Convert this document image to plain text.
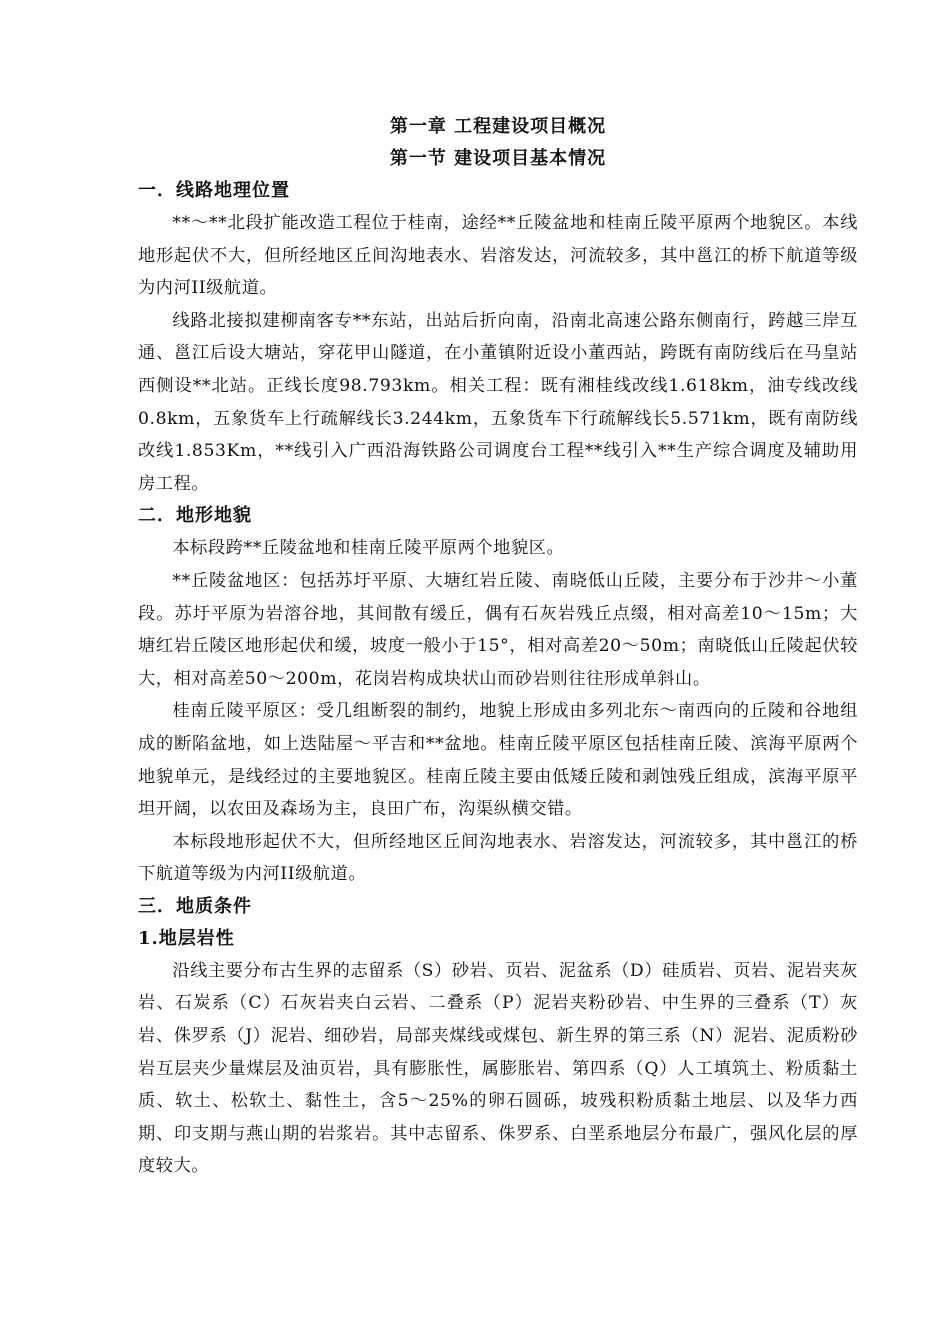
第一章 工程建设项目概况
第一节 建设项目基本情况
一．线路地理位置

**～**北段扩能改造工程位于桂南，途经**丘陵盆地和桂南丘陵平原两个地貌区。本线地形起伏不大，但所经地区丘间沟地表水、岩溶发达，河流较多，其中邕江的桥下航道等级为内河II级航道。

线路北接拟建柳南客专**东站，出站后折向南，沿南北高速公路东侧南行，跨越三岸互通、邕江后设大塘站，穿花甲山隧道，在小董镇附近设小董西站，跨既有南防线后在马皇站西侧设**北站。正线长度98.793km。相关工程：既有湘桂线改线1.618km，油专线改线0.8km，五象货车上行疏解线长3.244km，五象货车下行疏解线长5.571km，既有南防线改线1.853Km，**线引入广西沿海铁路公司调度台工程**线引入**生产综合调度及辅助用房工程。

二．地形地貌

本标段跨**丘陵盆地和桂南丘陵平原两个地貌区。

**丘陵盆地区：包括苏圩平原、大塘红岩丘陵、南晓低山丘陵，主要分布于沙井～小董段。苏圩平原为岩溶谷地，其间散有缓丘，偶有石灰岩残丘点缀，相对高差10～15m；大塘红岩丘陵区地形起伏和缓，坡度一般小于15°，相对高差20～50m；南晓低山丘陵起伏较大，相对高差50～200m，花岗岩构成块状山而砂岩则往往形成单斜山。

桂南丘陵平原区：受几组断裂的制约，地貌上形成由多列北东～南西向的丘陵和谷地组成的断陷盆地，如上迭陆屋～平吉和**盆地。桂南丘陵平原区包括桂南丘陵、滨海平原两个地貌单元，是线经过的主要地貌区。桂南丘陵主要由低矮丘陵和剥蚀残丘组成，滨海平原平坦开阔，以农田及森场为主，良田广布，沟渠纵横交错。

本标段地形起伏不大，但所经地区丘间沟地表水、岩溶发达，河流较多，其中邕江的桥下航道等级为内河II级航道。

三．地质条件
1.地层岩性

沿线主要分布古生界的志留系（S）砂岩、页岩、泥盆系（D）硅质岩、页岩、泥岩夹灰岩、石炭系（C）石灰岩夹白云岩、二叠系（P）泥岩夹粉砂岩、中生界的三叠系（T）灰岩、侏罗系（J）泥岩、细砂岩，局部夹煤线或煤包、新生界的第三系（N）泥岩、泥质粉砂岩互层夹少量煤层及油页岩，具有膨胀性，属膨胀岩、第四系（Q）人工填筑土、粉质黏土质、软土、松软土、黏性土，含5～25%的卵石圆砾，坡残积粉质黏土地层、以及华力西期、印支期与燕山期的岩浆岩。其中志留系、侏罗系、白垩系地层分布最广，强风化层的厚度较大。
